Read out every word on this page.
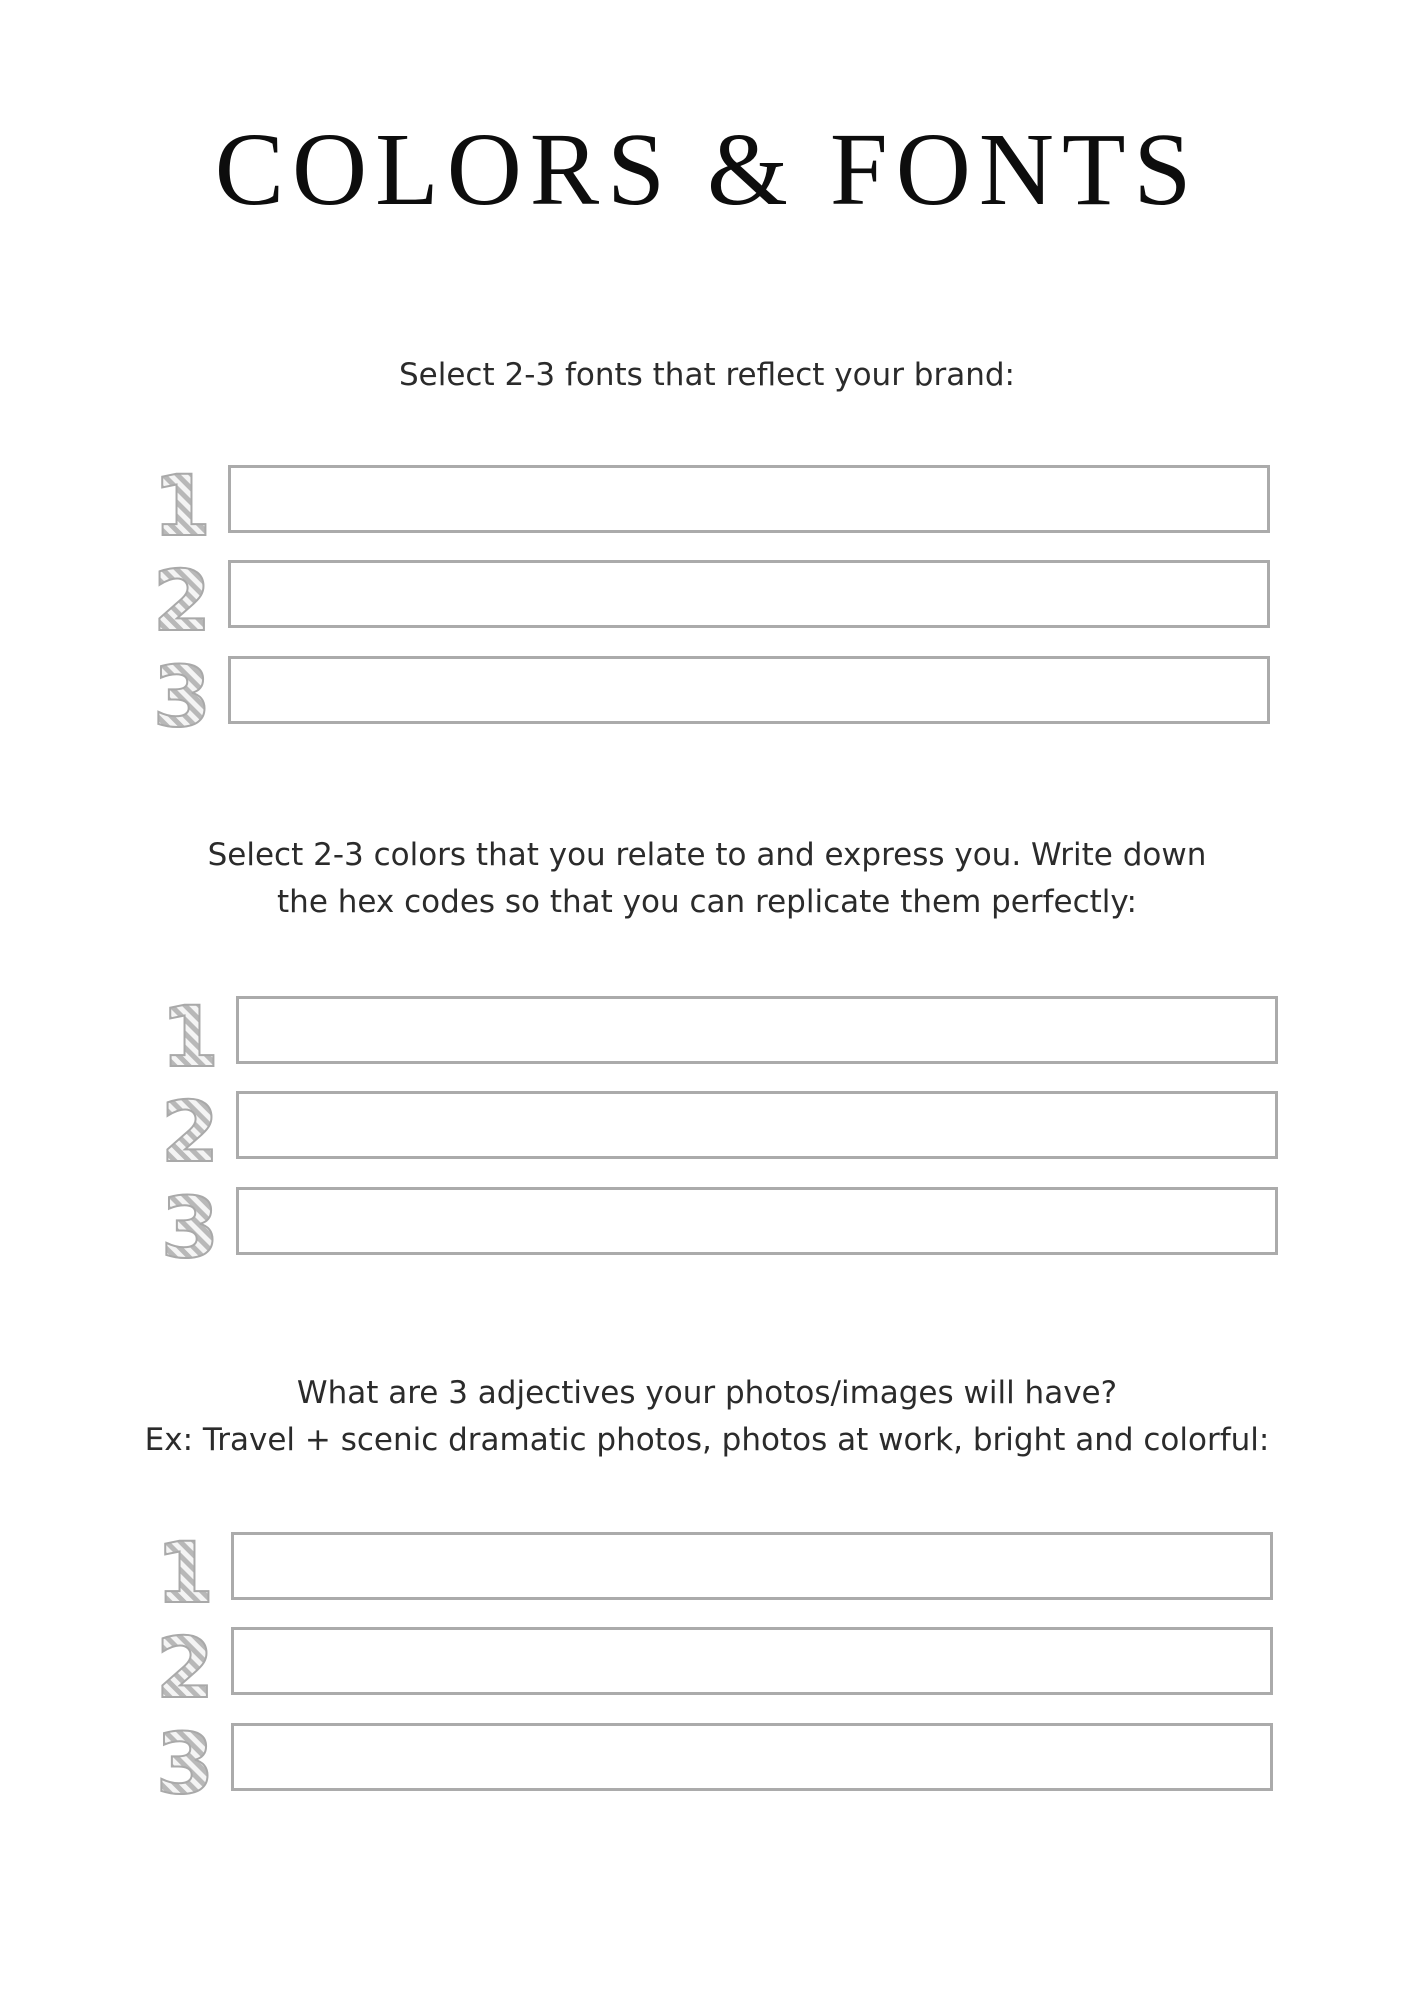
COLORS & FONTS
Select 2-3 fonts that reflect your brand:
1
2
3
Select 2-3 colors that you relate to and express you. Write down
the hex codes so that you can replicate them perfectly:
1
2
3
What are 3 adjectives your photos/images will have?
Ex: Travel + scenic dramatic photos, photos at work, bright and colorful:
1
2
3
